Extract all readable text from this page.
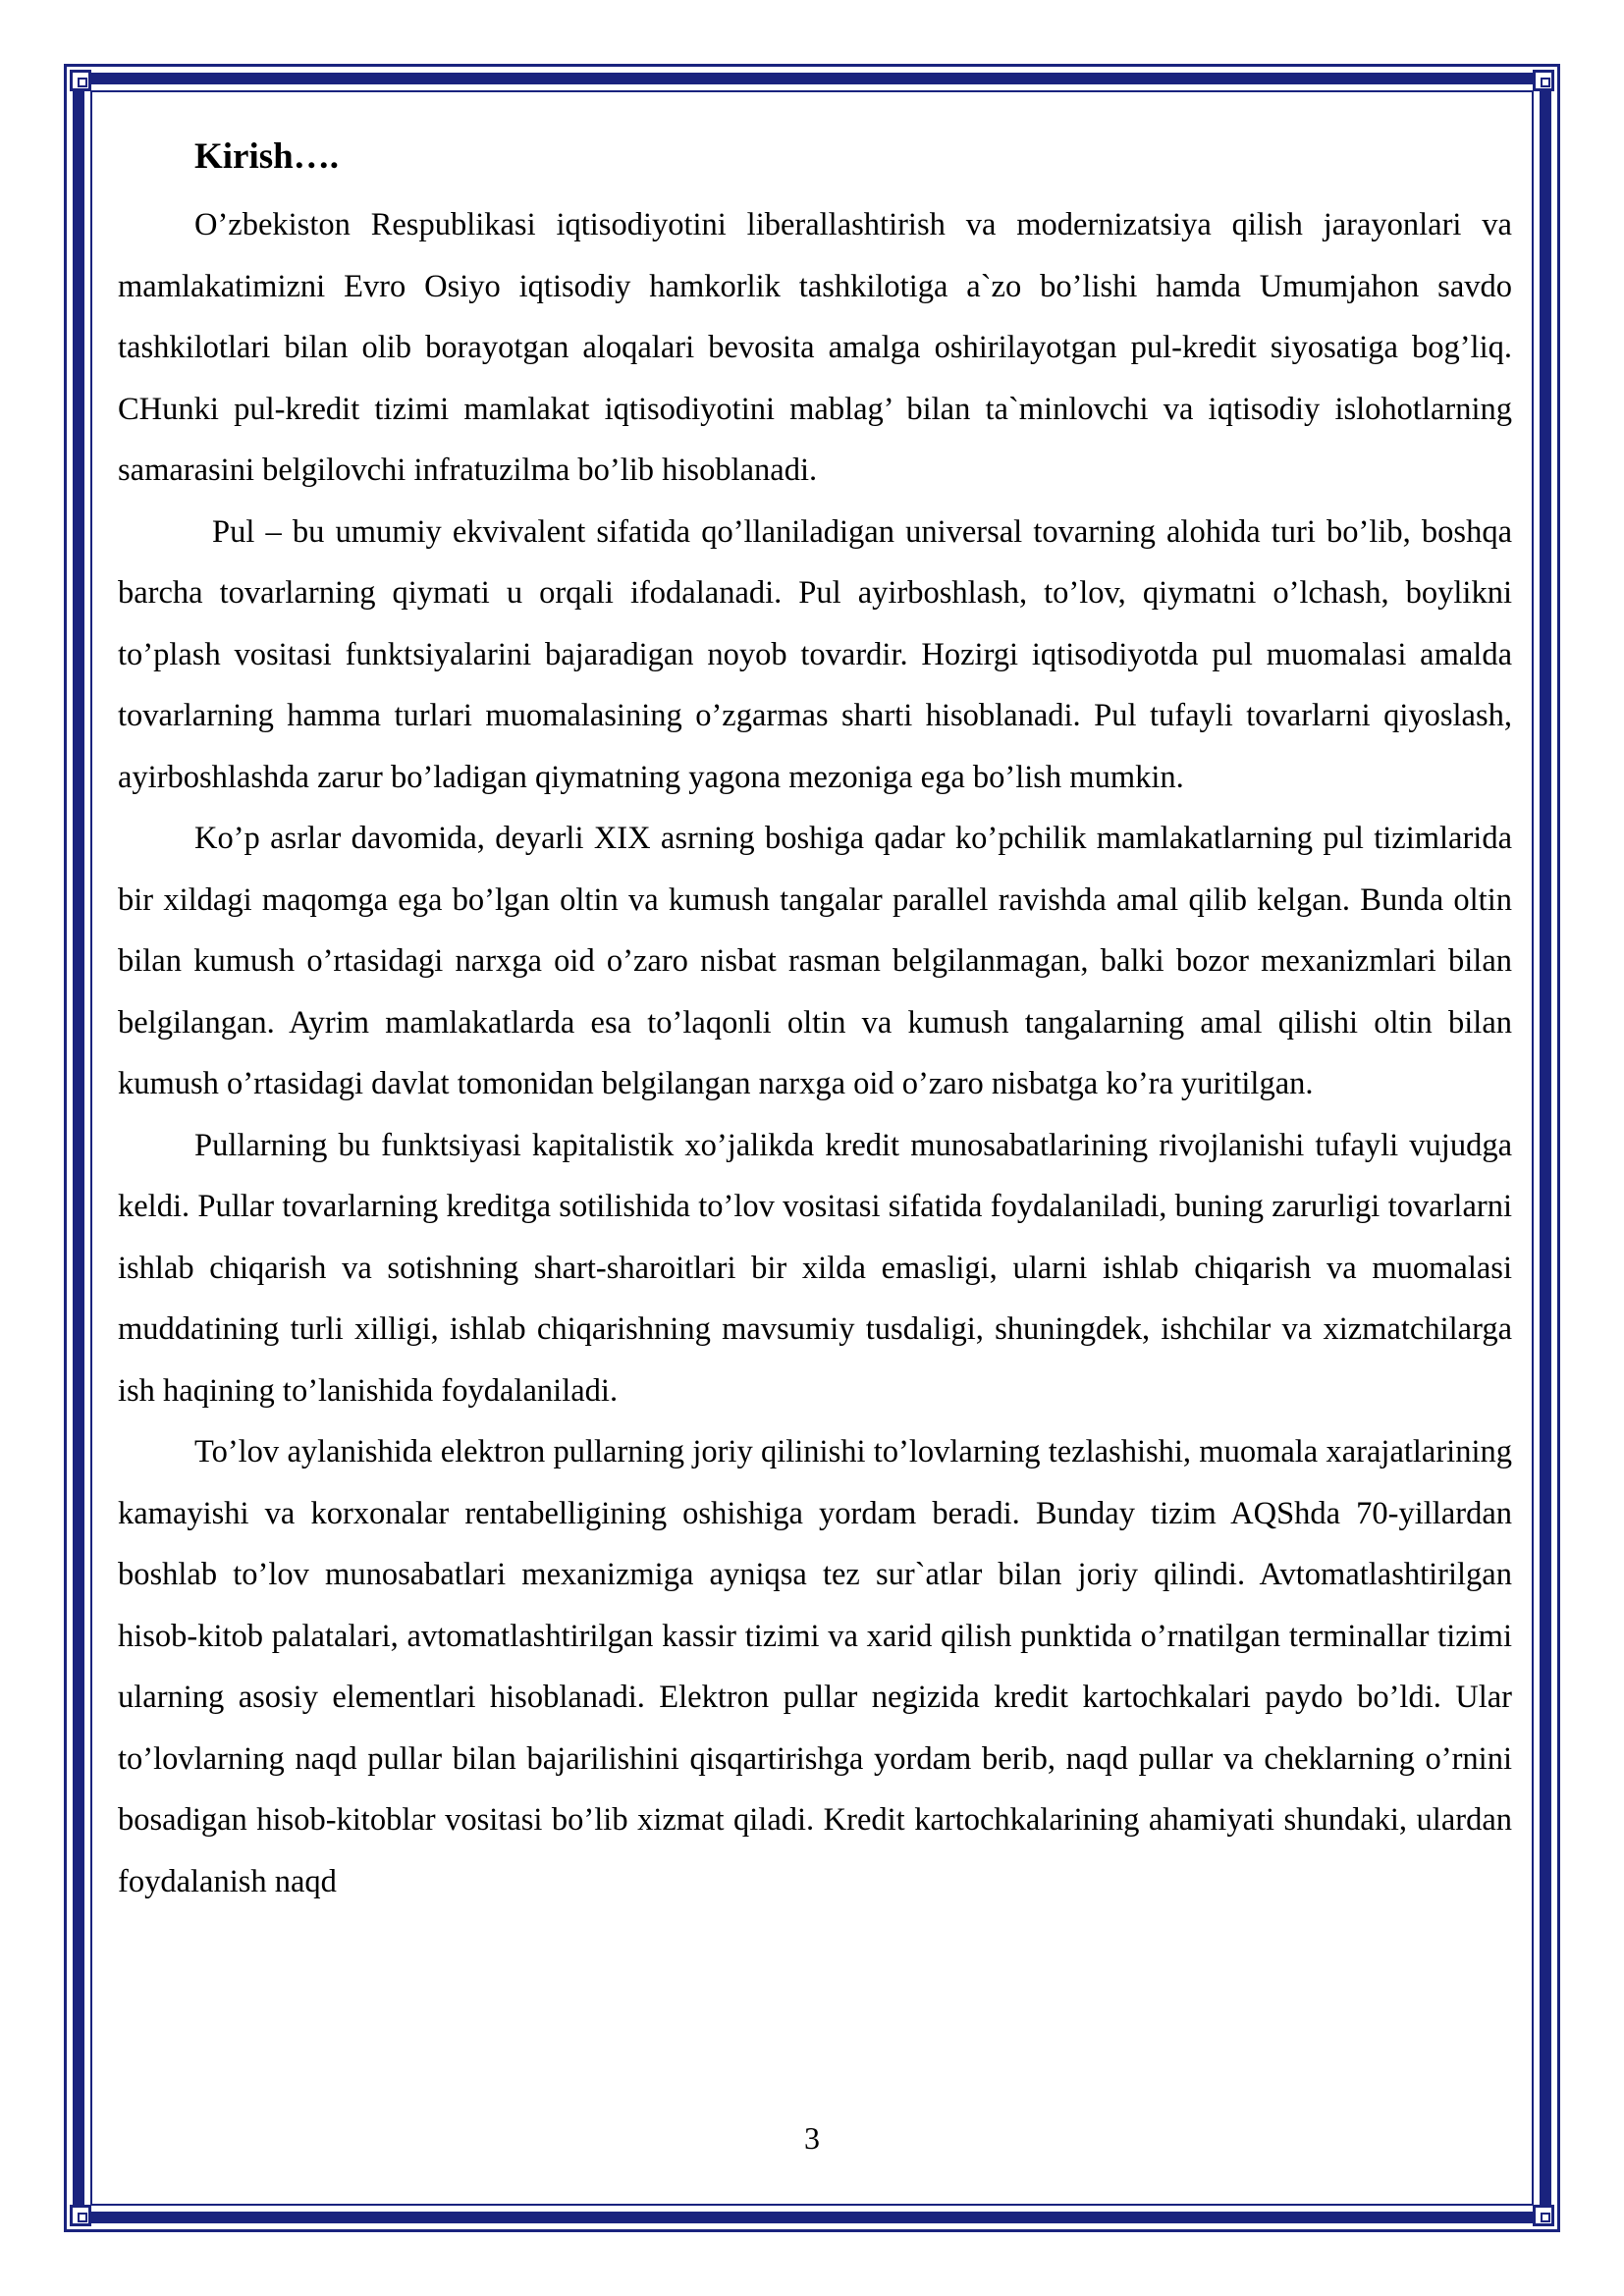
Kirish….

O’zbekiston Respublikasi iqtisodiyotini liberallashtirish va modernizatsiya qilish jarayonlari va mamlakatimizni Evro Osiyo iqtisodiy hamkorlik tashkilotiga a`zo bo’lishi hamda Umumjahon savdo tashkilotlari bilan olib borayotgan aloqalari bevosita amalga oshirilayotgan pul-kredit siyosatiga bog’liq. CHunki pul-kredit tizimi mamlakat iqtisodiyotini mablag’ bilan ta`minlovchi va iqtisodiy islohotlarning samarasini belgilovchi infratuzilma bo’lib hisoblanadi.

Pul – bu umumiy ekvivalent sifatida qo’llaniladigan universal tovarning alohida turi bo’lib, boshqa barcha tovarlarning qiymati u orqali ifodalanadi. Pul ayirboshlash, to’lov, qiymatni o’lchash, boylikni to’plash vositasi funktsiyalarini bajaradigan noyob tovardir. Hozirgi iqtisodiyotda pul muomalasi amalda tovarlarning hamma turlari muomalasining o’zgarmas sharti hisoblanadi. Pul tufayli tovarlarni qiyoslash, ayirboshlashda zarur bo’ladigan qiymatning yagona mezoniga ega bo’lish mumkin.

Ko’p asrlar davomida, deyarli XIX asrning boshiga qadar ko’pchilik mamlakatlarning pul tizimlarida bir xildagi maqomga ega bo’lgan oltin va kumush tangalar parallel ravishda amal qilib kelgan. Bunda oltin bilan kumush o’rtasidagi narxga oid o’zaro nisbat rasman belgilanmagan, balki bozor mexanizmlari bilan belgilangan. Ayrim mamlakatlarda esa to’laqonli oltin va kumush tangalarning amal qilishi oltin bilan kumush o’rtasidagi davlat tomonidan belgilangan narxga oid o’zaro nisbatga ko’ra yuritilgan.

Pullarning bu funktsiyasi kapitalistik xo’jalikda kredit munosabatlarining rivojlanishi tufayli vujudga keldi. Pullar tovarlarning kreditga sotilishida to’lov vositasi sifatida foydalaniladi, buning zarurligi tovarlarni ishlab chiqarish va sotishning shart-sharoitlari bir xilda emasligi, ularni ishlab chiqarish va muomalasi muddatining turli xilligi, ishlab chiqarishning mavsumiy tusdaligi, shuningdek, ishchilar va xizmatchilarga ish haqining to’lanishida foydalaniladi.

To’lov aylanishida elektron pullarning joriy qilinishi to’lovlarning tezlashishi, muomala xarajatlarining kamayishi va korxonalar rentabelligining oshishiga yordam beradi. Bunday tizim AQShda 70-yillardan boshlab to’lov munosabatlari mexanizmiga ayniqsa tez sur`atlar bilan joriy qilindi. Avtomatlashtirilgan hisob-kitob palatalari, avtomatlashtirilgan kassir tizimi va xarid qilish punktida o’rnatilgan terminallar tizimi ularning asosiy elementlari hisoblanadi. Elektron pullar negizida kredit kartochkalari paydo bo’ldi. Ular to’lovlarning naqd pullar bilan bajarilishini qisqartirishga yordam berib, naqd pullar va cheklarning o’rnini bosadigan hisob-kitoblar vositasi bo’lib xizmat qiladi. Kredit kartochkalarining ahamiyati shundaki, ulardan foydalanish naqd

3
